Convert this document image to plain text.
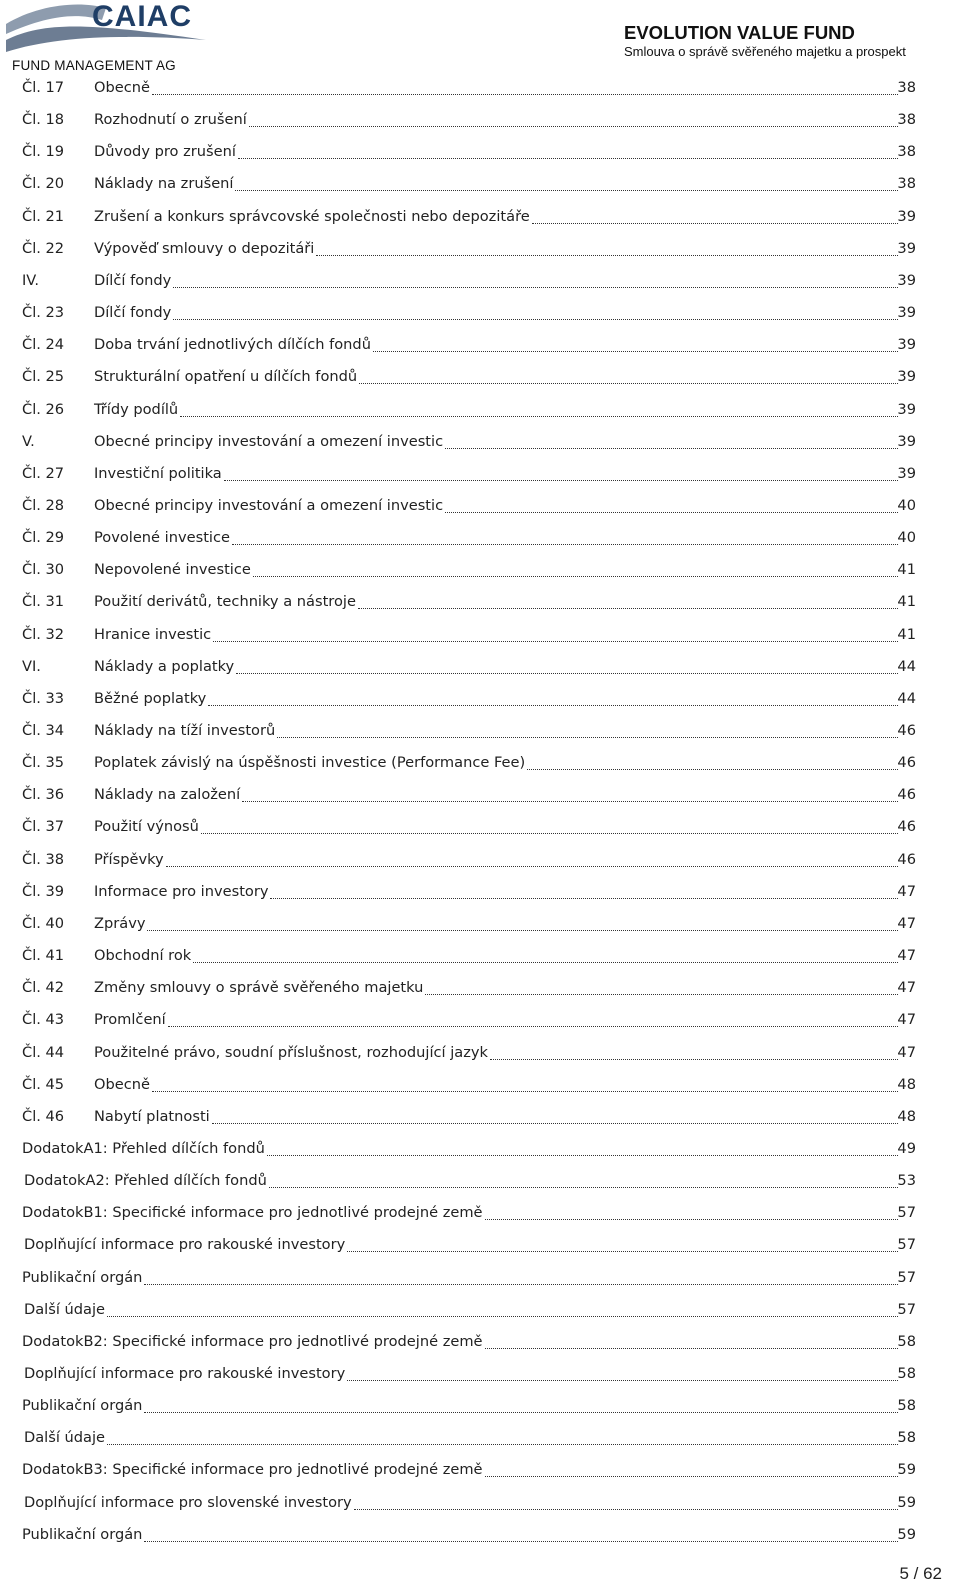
CAIAC
FUND MANAGEMENT AG
EVOLUTION VALUE FUND
Smlouva o správě svěřeného majetku a prospekt
Čl. 17 Obecně	38
Čl. 18 Rozhodnutí o zrušení	38
Čl. 19 Důvody pro zrušení	38
Čl. 20 Náklady na zrušení	38
Čl. 21 Zrušení a konkurs správcovské společnosti nebo depozitáře	39
Čl. 22 Výpověď smlouvy o depozitáři	39
IV.	Dílčí fondy	39
Čl. 23 Dílčí fondy	39
Čl. 24 Doba trvání jednotlivých dílčích fondů	39
Čl. 25 Strukturální opatření u dílčích fondů	39
Čl. 26 Třídy podílů	39
V.	Obecné principy investování a omezení investic	39
Čl. 27 Investiční politika	39
Čl. 28 Obecné principy investování a omezení investic	40
Čl. 29 Povolené investice	40
Čl. 30 Nepovolené investice	41
Čl. 31 Použití derivátů, techniky a nástroje	41
Čl. 32 Hranice investic	41
VI.	Náklady a poplatky	44
Čl. 33 Běžné poplatky	44
Čl. 34 Náklady na tíží investorů	46
Čl. 35 Poplatek závislý na úspěšnosti investice (Performance Fee)	46
Čl. 36 Náklady na založení	46
Čl. 37 Použití výnosů	46
Čl. 38 Příspěvky	46
Čl. 39 Informace pro investory	47
Čl. 40 Zprávy	47
Čl. 41 Obchodní rok	47
Čl. 42 Změny smlouvy o správě svěřeného majetku	47
Čl. 43 Promlčení	47
Čl. 44 Použitelné právo, soudní příslušnost, rozhodující jazyk	47
Čl. 45 Obecně	48
Čl. 46 Nabytí platnosti	48
DodatokA1: Přehled dílčích fondů	49
DodatokA2: Přehled dílčích fondů	53
DodatokB1: Specifické informace pro jednotlivé prodejné země	57
Doplňující informace pro rakouské investory	57
Publikační orgán	57
Další údaje	57
DodatokB2: Specifické informace pro jednotlivé prodejné země	58
Doplňující informace pro rakouské investory	58
Publikační orgán	58
Další údaje	58
DodatokB3: Specifické informace pro jednotlivé prodejné země	59
Doplňující informace pro slovenské investory	59
Publikační orgán	59
5 / 62
